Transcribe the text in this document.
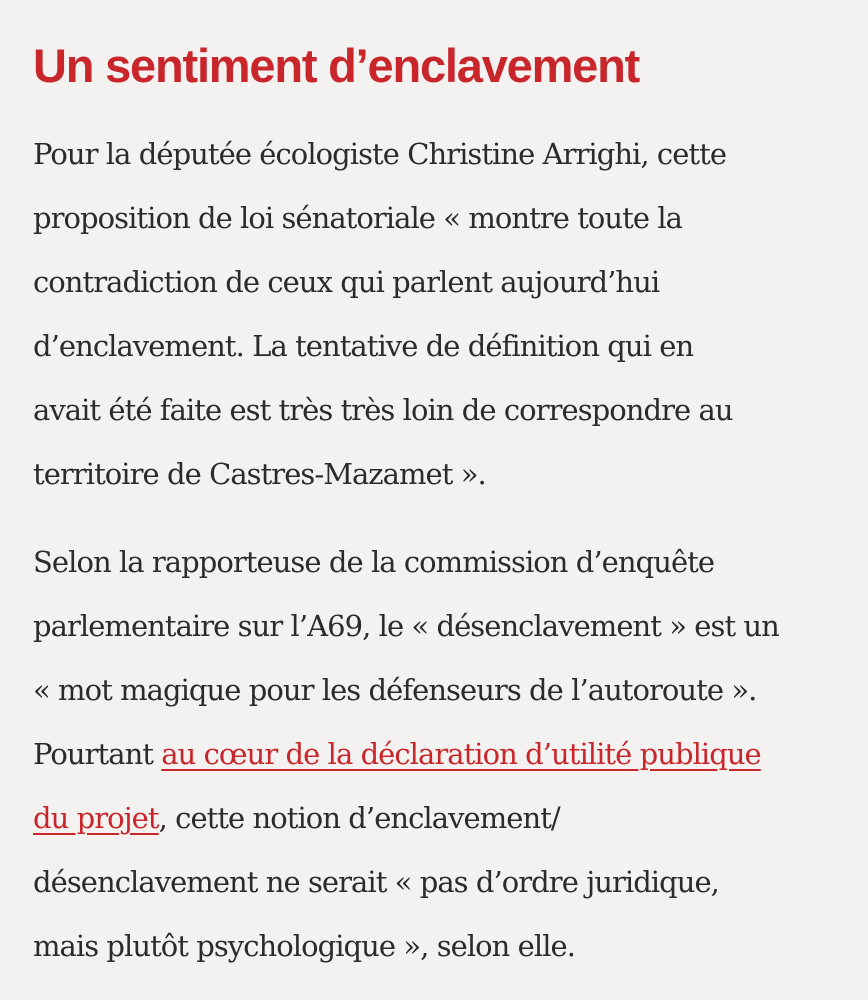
Un sentiment d’enclavement

Pour la députée écologiste Christine Arrighi, cette
proposition de loi sénatoriale « montre toute la
contradiction de ceux qui parlent aujourd’hui
d’enclavement. La tentative de définition qui en
avait été faite est très très loin de correspondre au
territoire de Castres-Mazamet ».

Selon la rapporteuse de la commission d’enquête
parlementaire sur l’A69, le « désenclavement » est un
« mot magique pour les défenseurs de l’autoroute ».
Pourtant au cœur de la déclaration d’utilité publique
du projet, cette notion d’enclavement/
désenclavement ne serait « pas d’ordre juridique,
mais plutôt psychologique », selon elle.
